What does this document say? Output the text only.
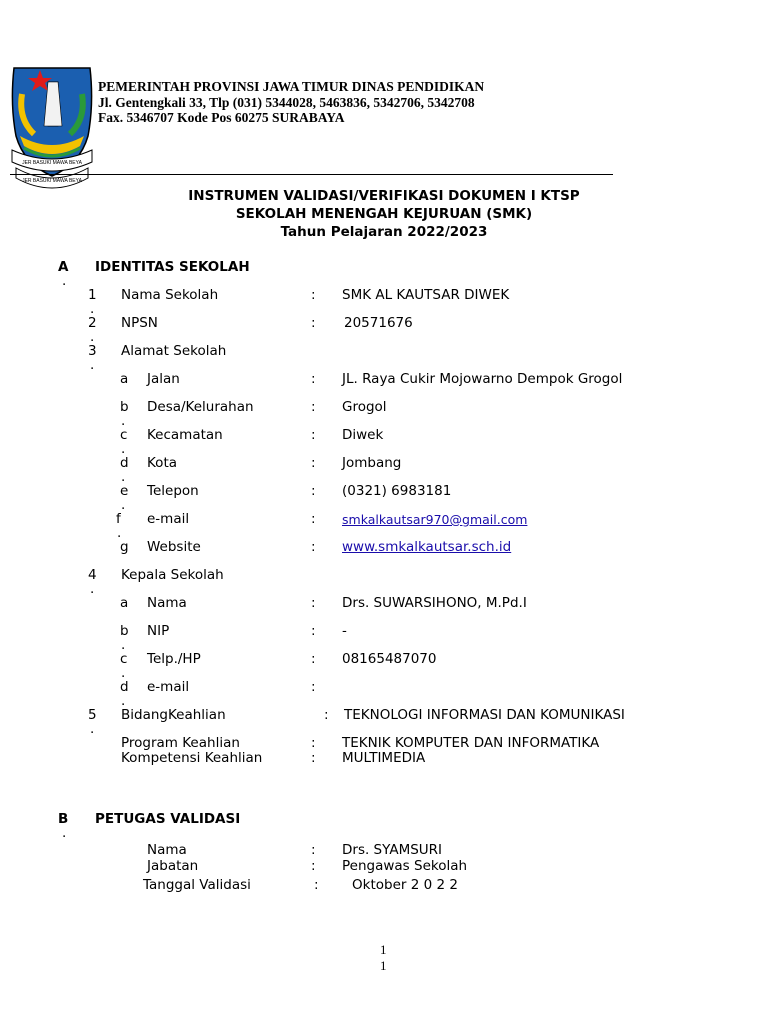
JER BASUKI MAWA BEYA
JER BASUKI MAWA BEYA
PEMERINTAH PROVINSI JAWA TIMUR DINAS PENDIDIKAN
Jl. Gentengkali 33, Tlp (031) 5344028, 5463836, 5342706, 5342708
Fax. 5346707 Kode Pos 60275 SURABAYA
INSTRUMEN VALIDASI/VERIFIKASI DOKUMEN I KTSP
SEKOLAH MENENGAH KEJURUAN (SMK)
Tahun Pelajaran 2022/2023
A
.
IDENTITAS SEKOLAH
1
.
Nama Sekolah	: SMK AL KAUTSAR DIWEK
2
.
NPSN	: 20571676
3
.
Alamat Sekolah
a Jalan	: JL. Raya Cukir Mojowarno Dempok Grogol
b
.
Desa/Kelurahan	: Grogol
c
.
Kecamatan	: Diwek
d
.
Kota	: Jombang
e
.
Telepon	: (0321) 6983181
f
.
e-mail	: smkalkautsar970@gmail.com
g Website	: www.smkalkautsar.sch.id
4
.
Kepala Sekolah
a Nama	: Drs. SUWARSIHONO, M.Pd.I
b
.
NIP	: -
c
.
Telp./HP	: 08165487070
d
.
e-mail	:
5
.
BidangKeahlian	: TEKNOLOGI INFORMASI DAN KOMUNIKASI
Program Keahlian	: TEKNIK KOMPUTER DAN INFORMATIKA
Kompetensi Keahlian	: MULTIMEDIA
B
.
PETUGAS VALIDASI
Nama	: Drs. SYAMSURI
Jabatan	: Pengawas Sekolah
Tanggal Validasi	: Oktober 2 0 2 2
1
1
